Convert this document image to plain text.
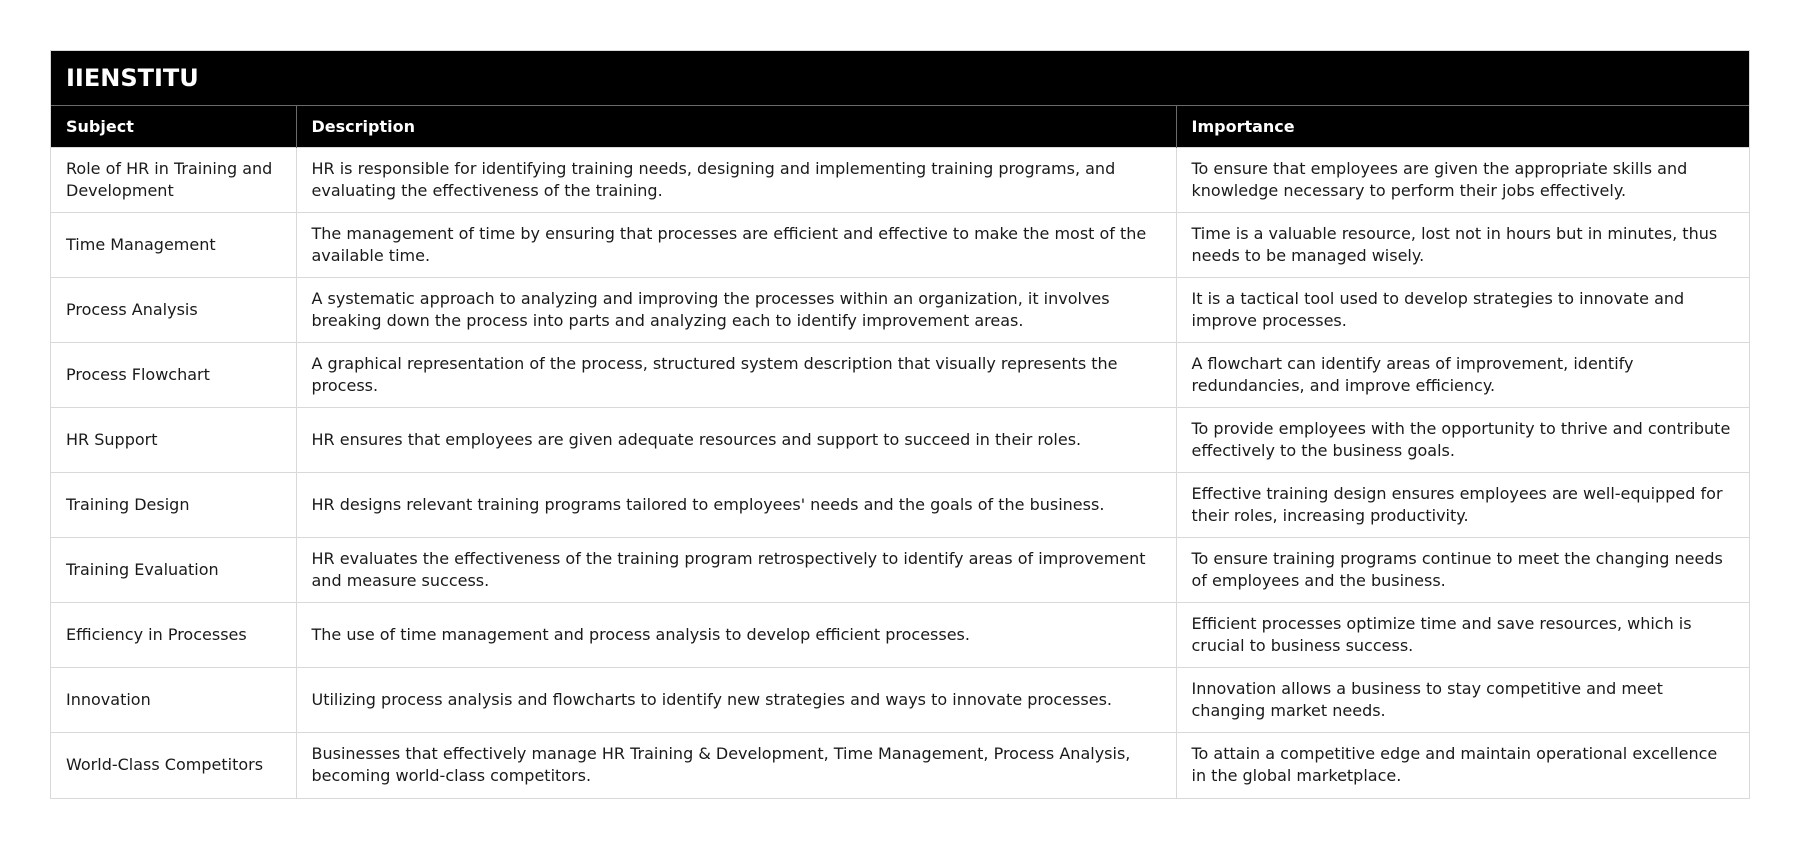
IIENSTITU
Subject	Description	Importance
Role of HR in Training and Development	HR is responsible for identifying training needs, designing and implementing training programs, and evaluating the effectiveness of the training.	To ensure that employees are given the appropriate skills and knowledge necessary to perform their jobs effectively.
Time Management	The management of time by ensuring that processes are efficient and effective to make the most of the available time.	Time is a valuable resource, lost not in hours but in minutes, thus needs to be managed wisely.
Process Analysis	A systematic approach to analyzing and improving the processes within an organization, it involves breaking down the process into parts and analyzing each to identify improvement areas.	It is a tactical tool used to develop strategies to innovate and improve processes.
Process Flowchart	A graphical representation of the process, structured system description that visually represents the process.	A flowchart can identify areas of improvement, identify redundancies, and improve efficiency.
HR Support	HR ensures that employees are given adequate resources and support to succeed in their roles.	To provide employees with the opportunity to thrive and contribute effectively to the business goals.
Training Design	HR designs relevant training programs tailored to employees' needs and the goals of the business.	Effective training design ensures employees are well-equipped for their roles, increasing productivity.
Training Evaluation	HR evaluates the effectiveness of the training program retrospectively to identify areas of improvement and measure success.	To ensure training programs continue to meet the changing needs of employees and the business.
Efficiency in Processes	The use of time management and process analysis to develop efficient processes.	Efficient processes optimize time and save resources, which is crucial to business success.
Innovation	Utilizing process analysis and flowcharts to identify new strategies and ways to innovate processes.	Innovation allows a business to stay competitive and meet changing market needs.
World-Class Competitors	Businesses that effectively manage HR Training & Development, Time Management, Process Analysis, becoming world-class competitors.	To attain a competitive edge and maintain operational excellence in the global marketplace.
